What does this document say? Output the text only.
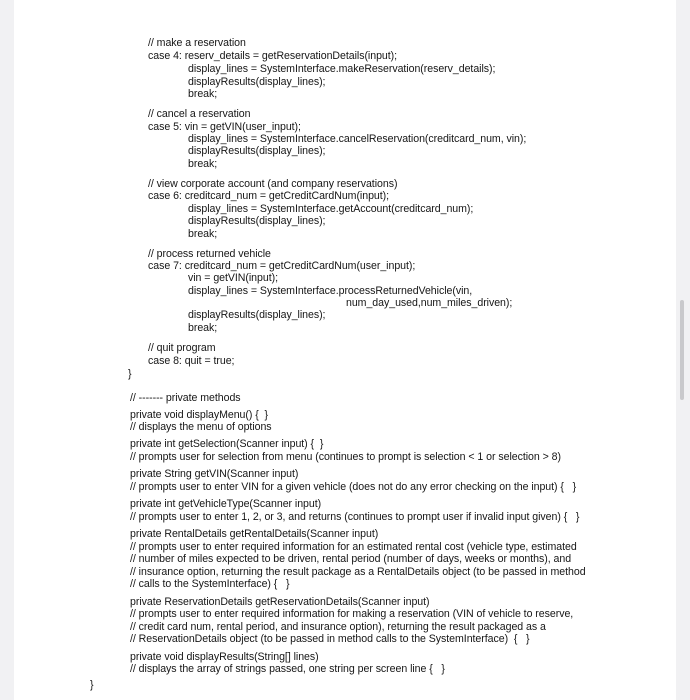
// make a reservation
case 4: reserv_details = getReservationDetails(input);
display_lines = SystemInterface.makeReservation(reserv_details);
displayResults(display_lines);
break;
// cancel a reservation
case 5: vin = getVIN(user_input);
display_lines = SystemInterface.cancelReservation(creditcard_num, vin);
displayResults(display_lines);
break;
// view corporate account (and company reservations)
case 6: creditcard_num = getCreditCardNum(input);
display_lines = SystemInterface.getAccount(creditcard_num);
displayResults(display_lines);
break;
// process returned vehicle
case 7: creditcard_num = getCreditCardNum(user_input);
vin = getVIN(input);
display_lines = SystemInterface.processReturnedVehicle(vin,
num_day_used,num_miles_driven);
displayResults(display_lines);
break;
// quit program
case 8: quit = true;
}
// ------- private methods
private void displayMenu() {  }
// displays the menu of options
private int getSelection(Scanner input) {  }
// prompts user for selection from menu (continues to prompt is selection < 1 or selection > 8)
private String getVIN(Scanner input)
// prompts user to enter VIN for a given vehicle (does not do any error checking on the input) {   }
private int getVehicleType(Scanner input)
// prompts user to enter 1, 2, or 3, and returns (continues to prompt user if invalid input given) {   }
private RentalDetails getRentalDetails(Scanner input)
// prompts user to enter required information for an estimated rental cost (vehicle type, estimated
// number of miles expected to be driven, rental period (number of days, weeks or months), and
// insurance option, returning the result package as a RentalDetails object (to be passed in method
// calls to the SystemInterface) {   }
private ReservationDetails getReservationDetails(Scanner input)
// prompts user to enter required information for making a reservation (VIN of vehicle to reserve,
// credit card num, rental period, and insurance option), returning the result packaged as a
// ReservationDetails object (to be passed in method calls to the SystemInterface)  {   }
private void displayResults(String[] lines)
// displays the array of strings passed, one string per screen line {   }
}
